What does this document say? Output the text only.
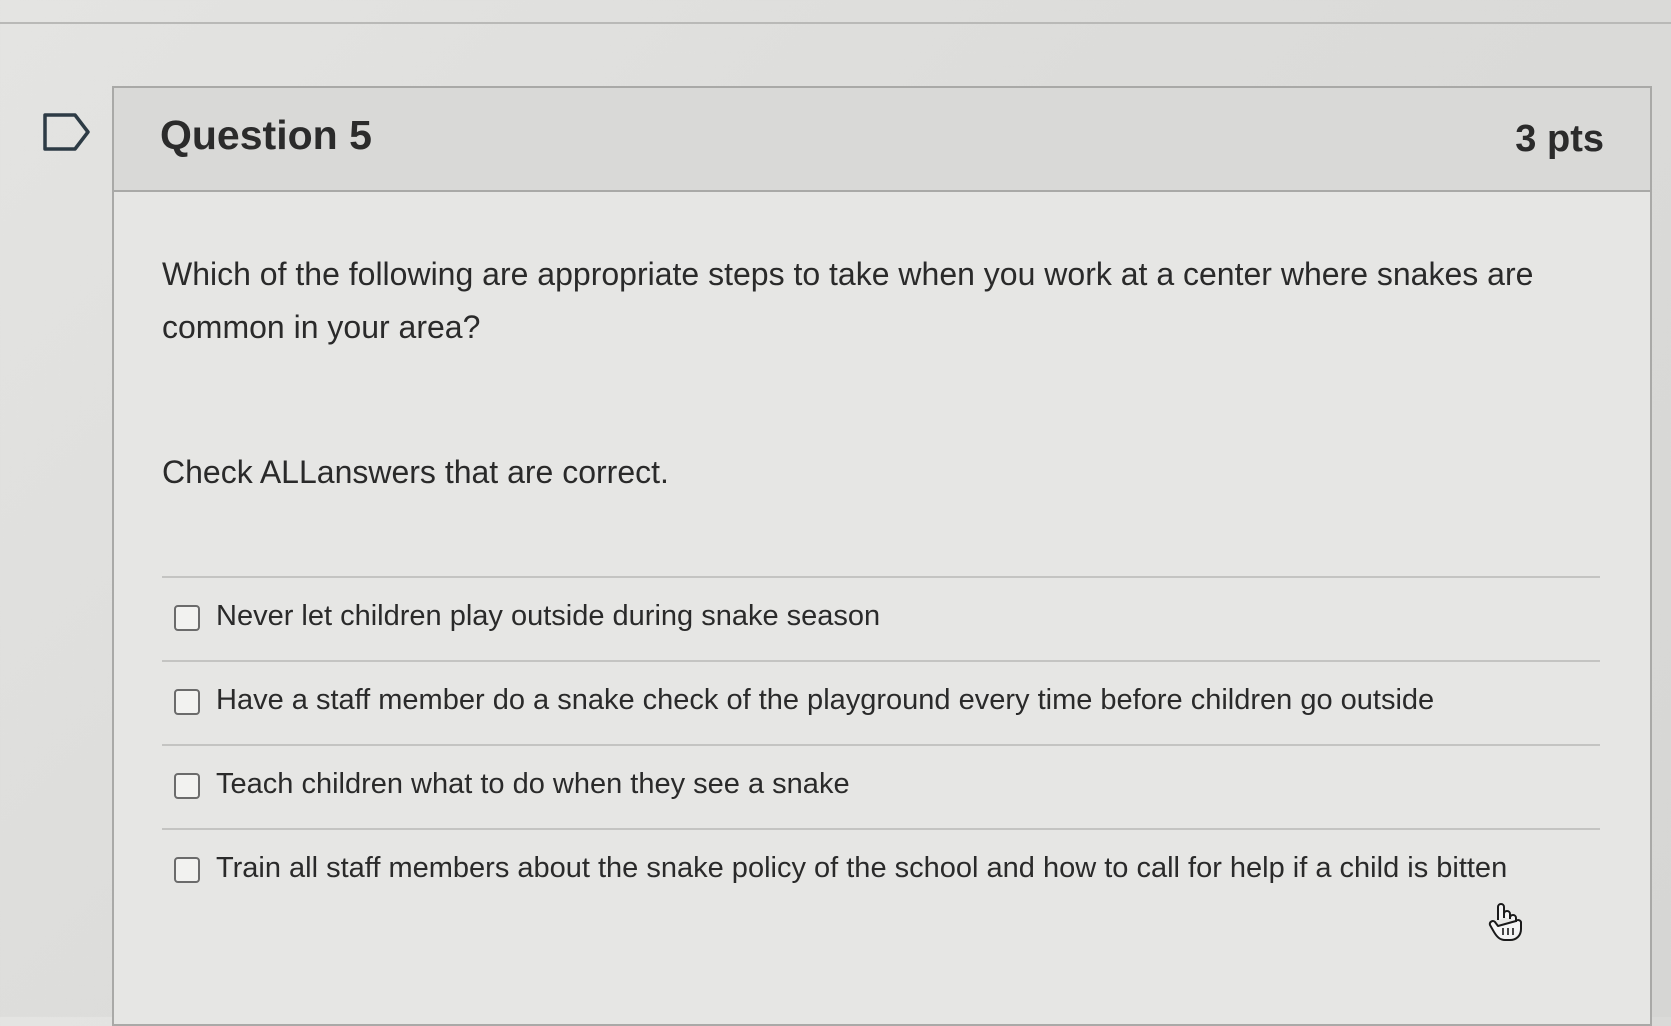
Question 5	3 pts
Which of the following are appropriate steps to take when you work at a center where snakes are common in your area?
Check ALLanswers that are correct.
Never let children play outside during snake season
Have a staff member do a snake check of the playground every time before children go outside
Teach children what to do when they see a snake
Train all staff members about the snake policy of the school and how to call for help if a child is bitten
